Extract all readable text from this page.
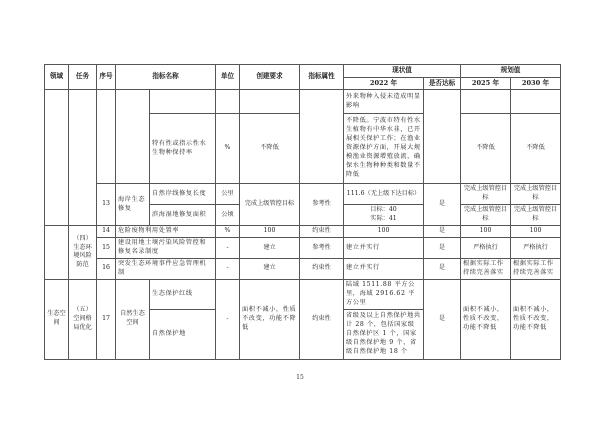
领域	任务	序号	指标名称		单位	创建要求	指标属性	现状值		规划值	
								2022 年	是否达标	2025 年	2030 年
								外来物种入侵未造成明显影响			
				特有性或指示性水生物种保持率	%	不降低		不降低。宁波市特有性水生植物有中华水韭，已开展相关保护工作；在渔业资源保护方面，开展大规模渔业资源增殖放流，确保水生物种种类和数量不降低		不降低	不降低
		13	海岸生态修复	自然岸线修复长度	公里	完成上级管控目标	参考性	111.6（无上级下达目标）	是	完成上级管控目标	完成上级管控目标
				滨海湿地修复面积	公顷			目标：40
实际：41		完成上级管控目标	完成上级管控目标
	（四）生态环境风险防范	14	危险废物利用处置率		%	100	约束性	100	是	100	100
		15	建设用地土壤污染风险管控和修复名录制度		-	建立	参考性	建立并实行	是	严格执行	严格执行
		16	突发生态环境事件应急管理机制		-	建立	约束性	建立并实行	是	根据实际工作持续完善落实	根据实际工作持续完善落实
生态空间	（五）空间格局优化	17	自然生态空间	生态保护红线	-	面积不减小，性质不改变，功能不降低	约束性	陆域 1511.88 平方公里，海域 2916.62 平方公里	是	面积不减小，性质不改变，功能不降低	面积不减小，性质不改变，功能不降低
				自然保护地				省级及以上自然保护地共计 28 个，包括国家级自然保护区 1 个，国家级自然保护地 9 个，省级自然保护地 18 个			
15
